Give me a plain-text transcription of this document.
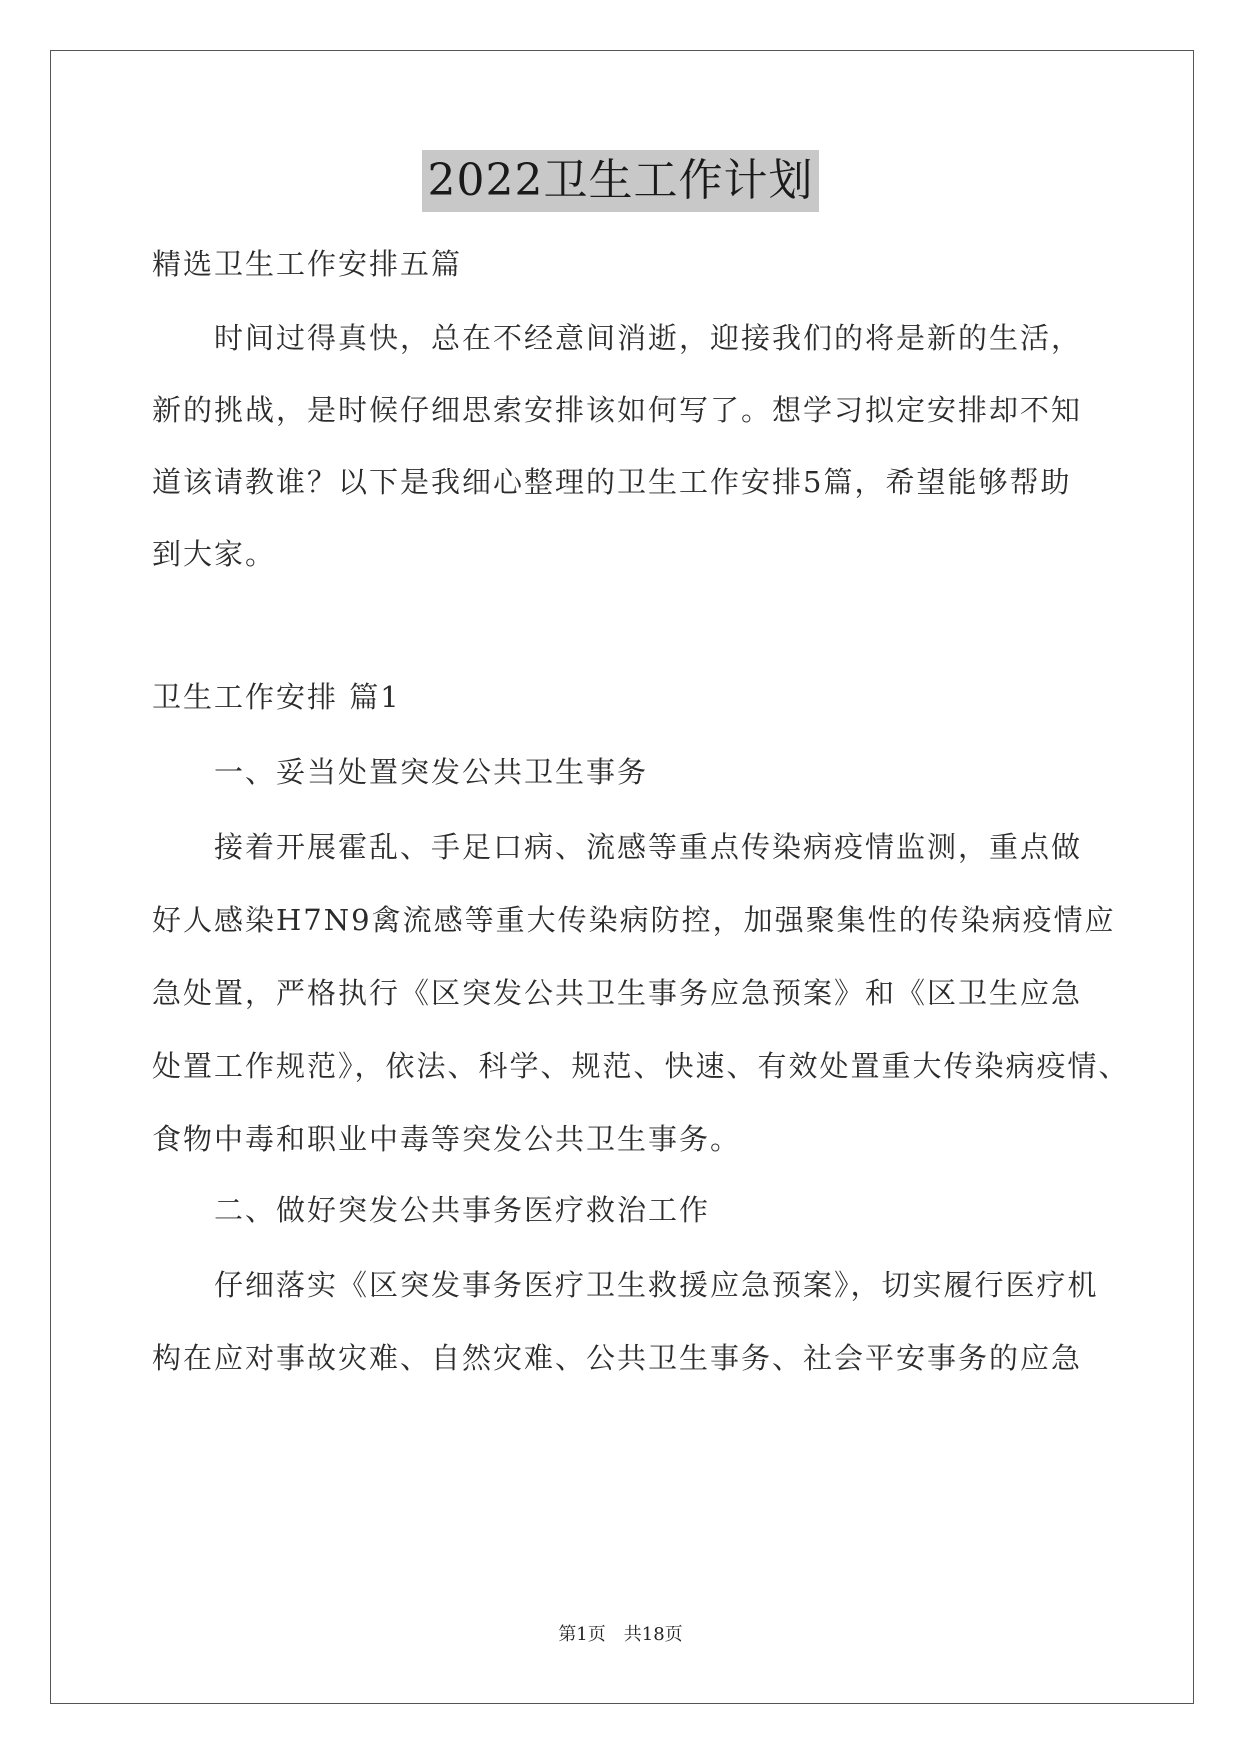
2022卫生工作计划
精选卫生工作安排五篇
时间过得真快，总在不经意间消逝，迎接我们的将是新的生活，
新的挑战，是时候仔细思索安排该如何写了。想学习拟定安排却不知
道该请教谁？以下是我细心整理的卫生工作安排5篇，希望能够帮助
到大家。
卫生工作安排 篇1
一、妥当处置突发公共卫生事务
接着开展霍乱、手足口病、流感等重点传染病疫情监测，重点做
好人感染H7N9禽流感等重大传染病防控，加强聚集性的传染病疫情应
急处置，严格执行《区突发公共卫生事务应急预案》和《区卫生应急
处置工作规范》，依法、科学、规范、快速、有效处置重大传染病疫情、
食物中毒和职业中毒等突发公共卫生事务。
二、做好突发公共事务医疗救治工作
仔细落实《区突发事务医疗卫生救援应急预案》，切实履行医疗机
构在应对事故灾难、自然灾难、公共卫生事务、社会平安事务的应急
第1页 共18页
